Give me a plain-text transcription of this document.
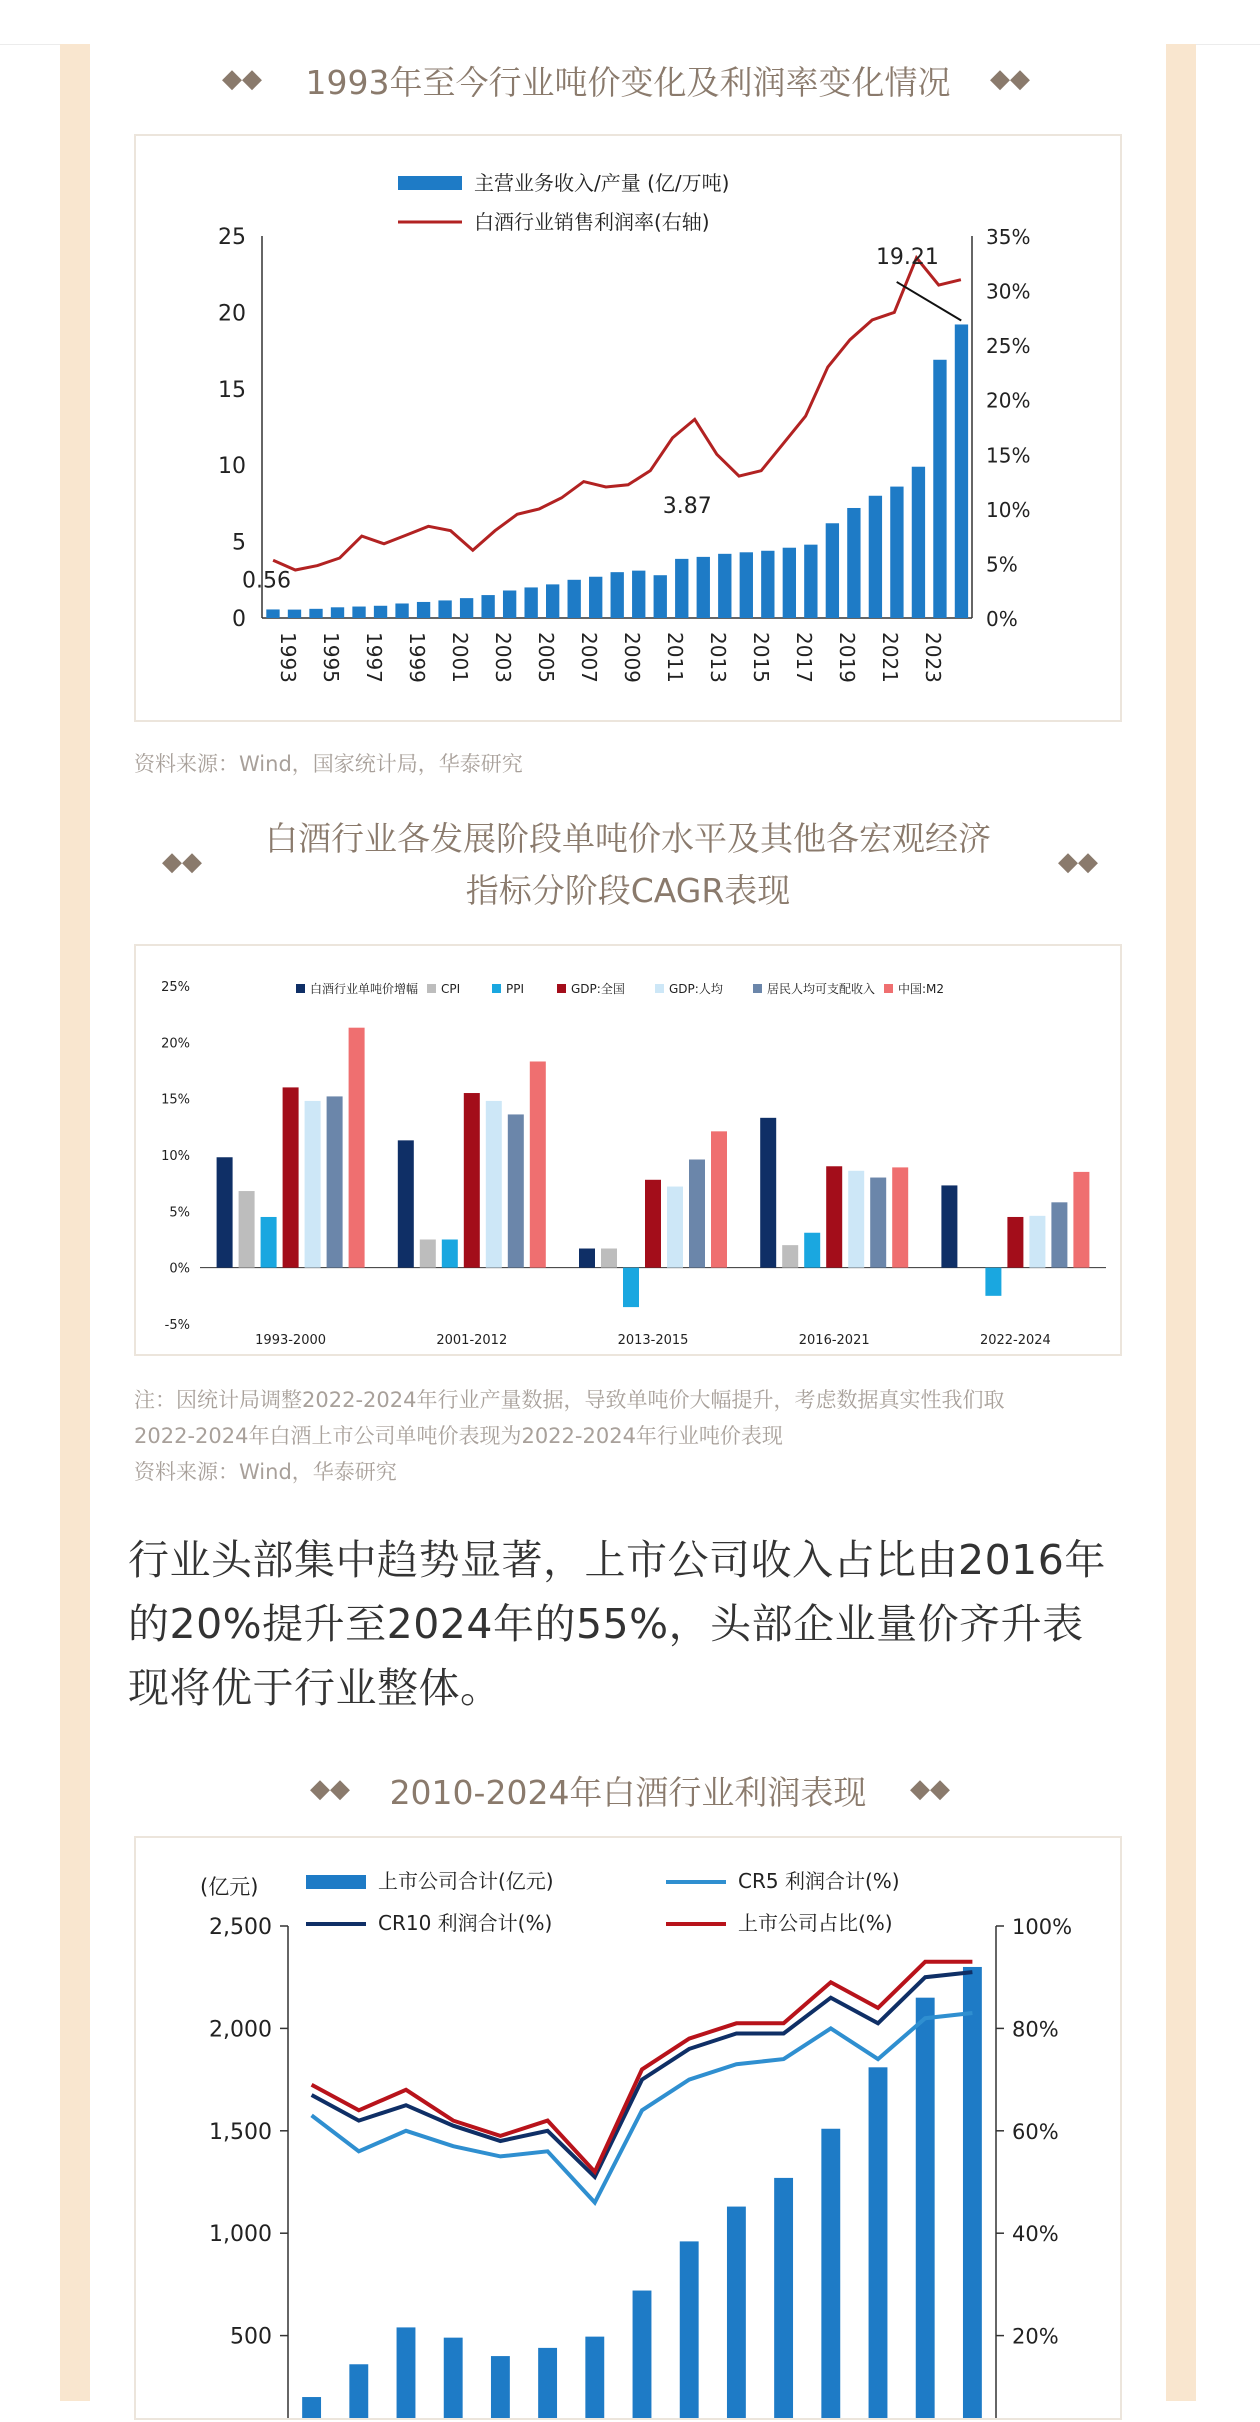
◆◆	1993年至今行业吨价变化及利润率变化情况	◆◆
主营业务收入/产量 (亿/万吨)
白酒行业销售利润率(右轴)
0
5
10
15
20
25
0%
5%
10%
15%
20%
25%
30%
35%
1993 1995 1997 1999 2001 2003 2005 2007 2009 2011 2013 2015 2017 2019 2021 2023
0.56
3.87
19.21
资料来源：Wind，国家统计局，华泰研究
◆◆
白酒行业各发展阶段单吨价水平及其他各宏观经济
指标分阶段CAGR表现
◆◆
白酒行业单吨价增幅 CPI	PPI	GDP:全国	GDP:人均	居民人均可支配收入 中国:M2
25%
20%
15%
10%
5%
0%
-5%
1993-2000	2001-2012	2013-2015	2016-2021	2022-2024
注：因统计局调整2022-2024年行业产量数据，导致单吨价大幅提升，考虑数据真实性我们取
2022-2024年白酒上市公司单吨价表现为2022-2024年行业吨价表现
资料来源：Wind，华泰研究
行业头部集中趋势显著，上市公司收入占比由2016年
的20%提升至2024年的55%，头部企业量价齐升表
现将优于行业整体。
◆◆	2010-2024年白酒行业利润表现	◆◆
(亿元)	上市公司合计(亿元)	CR5 利润合计(%)
CR10 利润合计(%)	上市公司占比(%)
500
1,000
1,500
2,000
2,500
20%
40%
60%
80%
100%
